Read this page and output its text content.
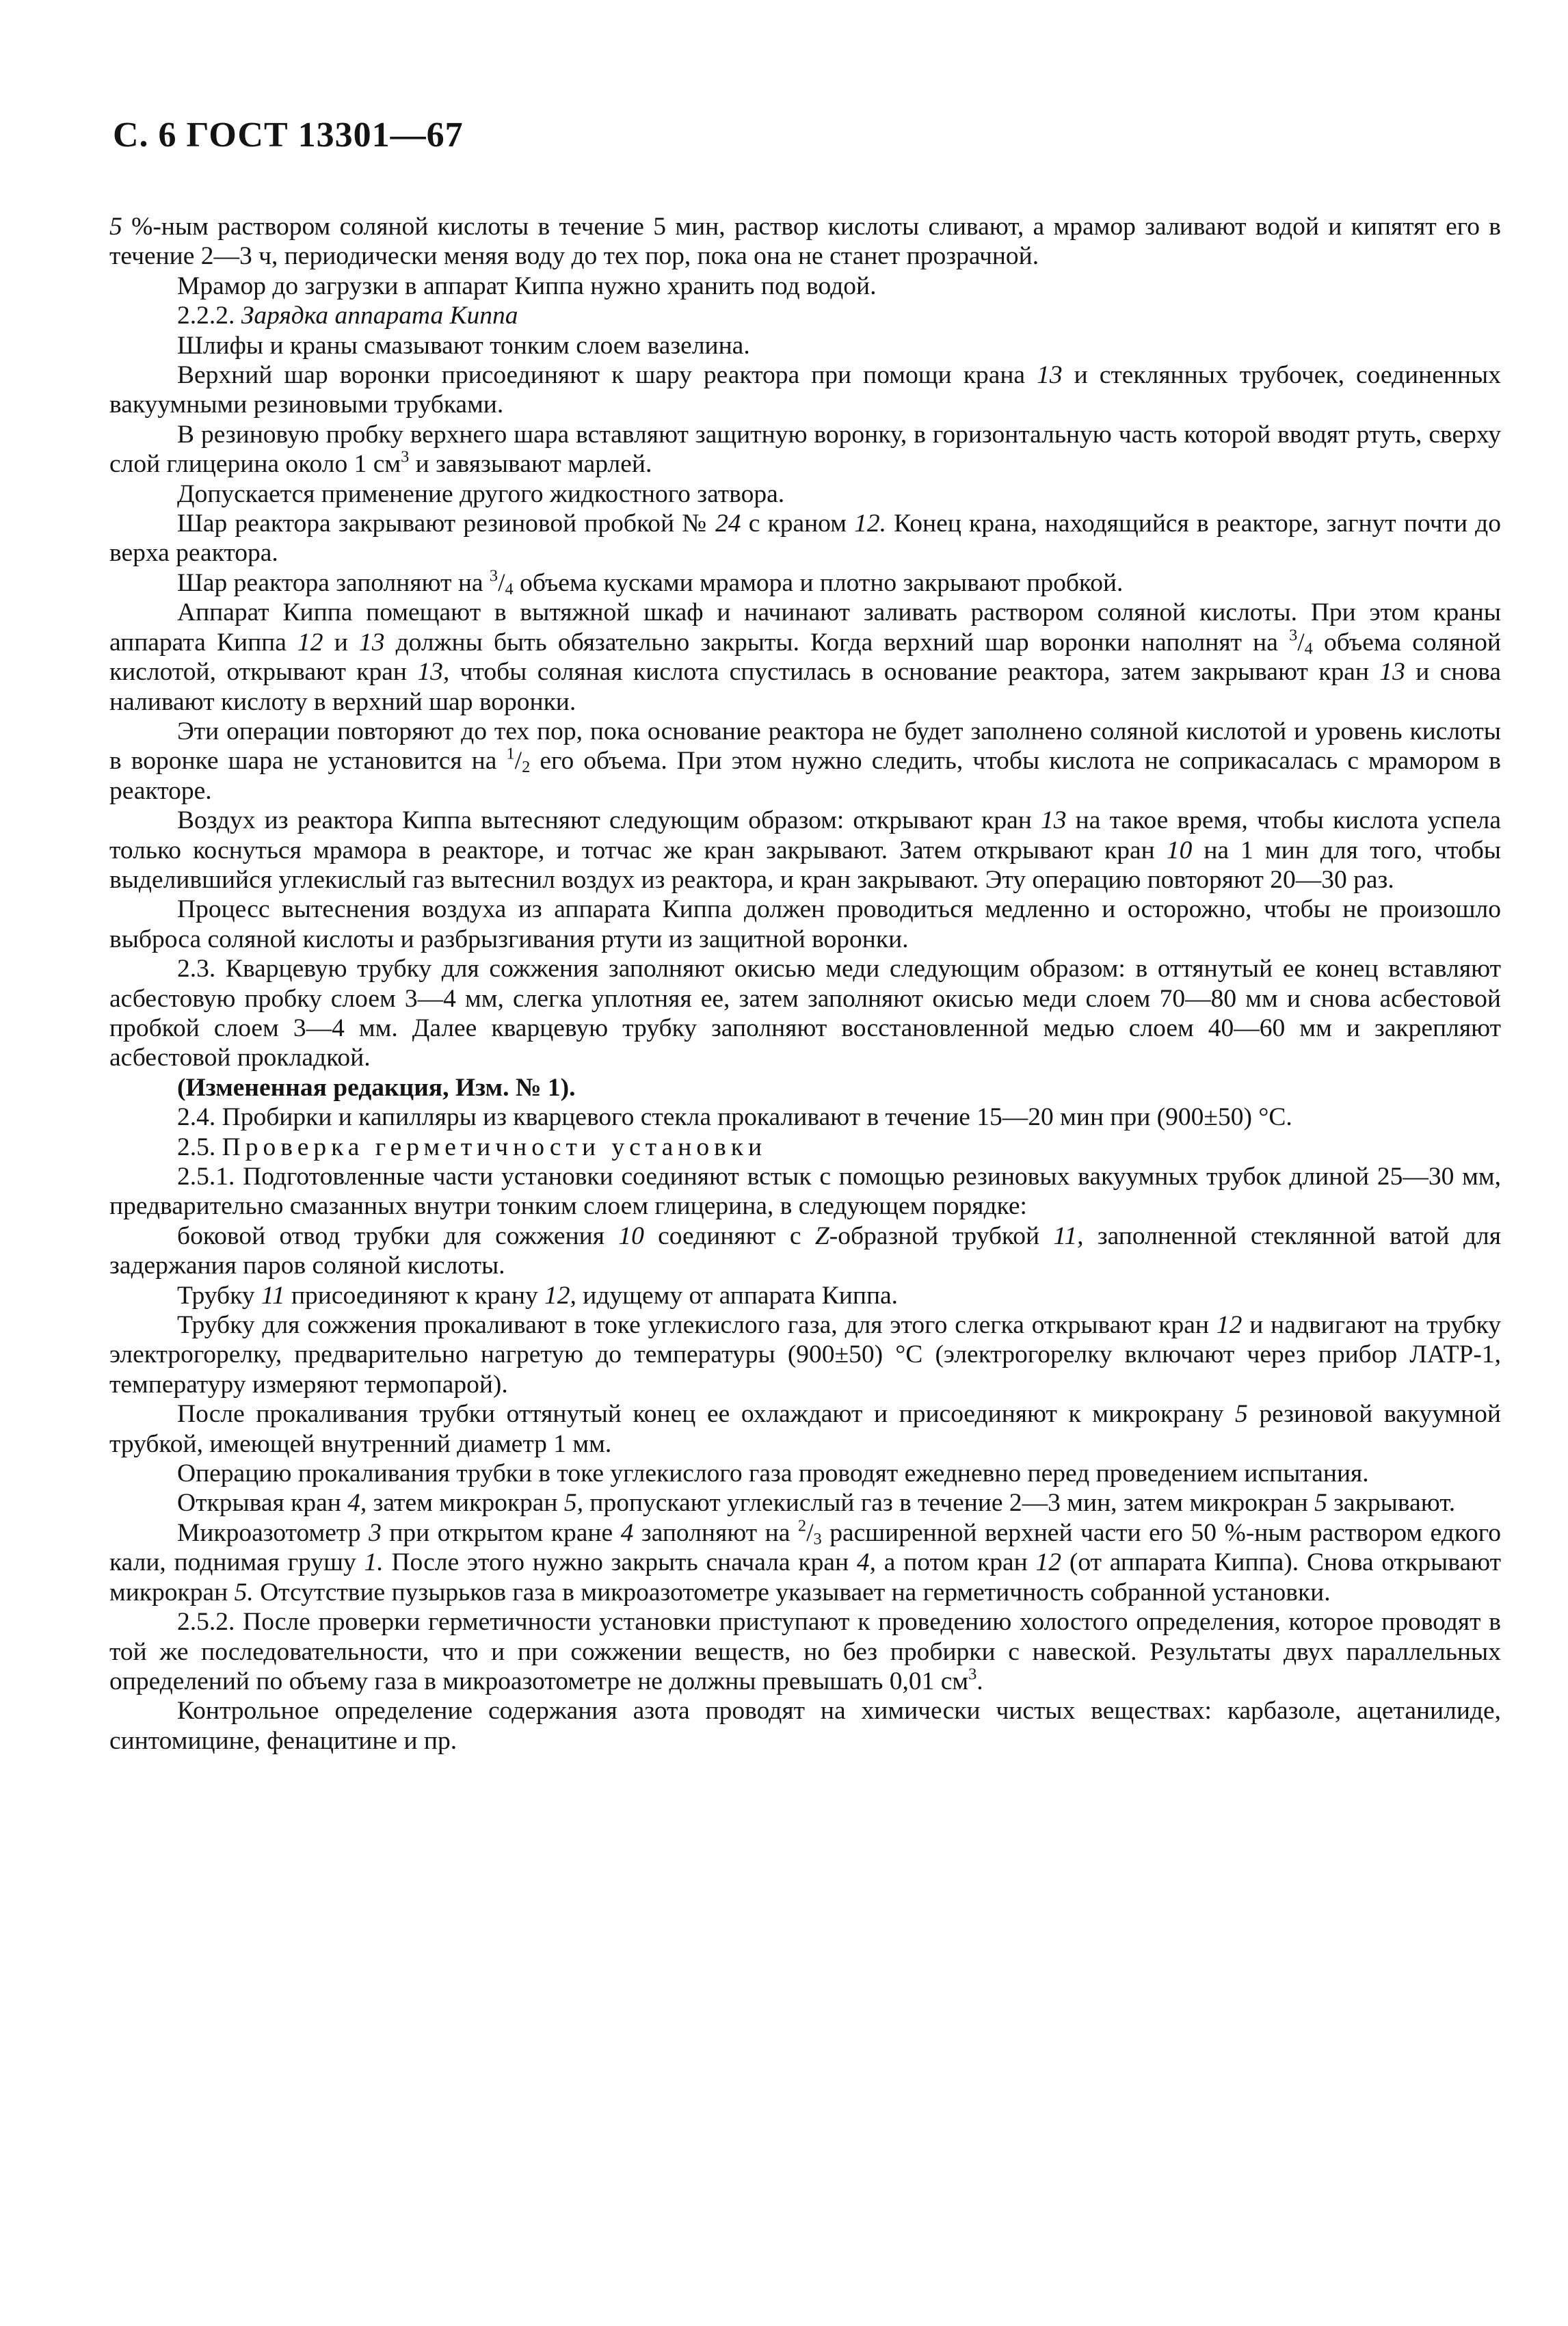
С. 6 ГОСТ 13301—67

5 %-ным раствором соляной кислоты в течение 5 мин, раствор кислоты сливают, а мрамор заливают водой и кипятят его в течение 2—3 ч, периодически меняя воду до тех пор, пока она не станет прозрачной.

Мрамор до загрузки в аппарат Киппа нужно хранить под водой.

2.2.2. Зарядка аппарата Киппа

Шлифы и краны смазывают тонким слоем вазелина.

Верхний шар воронки присоединяют к шару реактора при помощи крана 13 и стеклянных трубочек, соединенных вакуумными резиновыми трубками.

В резиновую пробку верхнего шара вставляют защитную воронку, в горизонтальную часть которой вводят ртуть, сверху слой глицерина около 1 $см^3$ и завязывают марлей.

Допускается применение другого жидкостного затвора.

Шар реактора закрывают резиновой пробкой № 24 с краном 12. Конец крана, находящийся в реакторе, загнут почти до верха реактора.

Шар реактора заполняют на $^3/_4$ объема кусками мрамора и плотно закрывают пробкой.

Аппарат Киппа помещают в вытяжной шкаф и начинают заливать раствором соляной кислоты. При этом краны аппарата Киппа 12 и 13 должны быть обязательно закрыты. Когда верхний шар воронки наполнят на $^3/_4$ объема соляной кислотой, открывают кран 13, чтобы соляная кислота спустилась в основание реактора, затем закрывают кран 13 и снова наливают кислоту в верхний шар воронки.

Эти операции повторяют до тех пор, пока основание реактора не будет заполнено соляной кислотой и уровень кислоты в воронке шара не установится на $^1/_2$ его объема. При этом нужно следить, чтобы кислота не соприкасалась с мрамором в реакторе.

Воздух из реактора Киппа вытесняют следующим образом: открывают кран 13 на такое время, чтобы кислота успела только коснуться мрамора в реакторе, и тотчас же кран закрывают. Затем открывают кран 10 на 1 мин для того, чтобы выделившийся углекислый газ вытеснил воздух из реактора, и кран закрывают. Эту операцию повторяют 20—30 раз.

Процесс вытеснения воздуха из аппарата Киппа должен проводиться медленно и осторожно, чтобы не произошло выброса соляной кислоты и разбрызгивания ртути из защитной воронки.

2.3. Кварцевую трубку для сожжения заполняют окисью меди следующим образом: в оттянутый ее конец вставляют асбестовую пробку слоем 3—4 мм, слегка уплотняя ее, затем заполняют окисью меди слоем 70—80 мм и снова асбестовой пробкой слоем 3—4 мм. Далее кварцевую трубку заполняют восстановленной медью слоем 40—60 мм и закрепляют асбестовой прокладкой.

(Измененная редакция, Изм. № 1).

2.4. Пробирки и капилляры из кварцевого стекла прокаливают в течение 15—20 мин при (900±50) °С.

2.5. Проверка герметичности установки

2.5.1. Подготовленные части установки соединяют встык с помощью резиновых вакуумных трубок длиной 25—30 мм, предварительно смазанных внутри тонким слоем глицерина, в следующем порядке:

боковой отвод трубки для сожжения 10 соединяют с Z-образной трубкой 11, заполненной стеклянной ватой для задержания паров соляной кислоты.

Трубку 11 присоединяют к крану 12, идущему от аппарата Киппа.

Трубку для сожжения прокаливают в токе углекислого газа, для этого слегка открывают кран 12 и надвигают на трубку электрогорелку, предварительно нагретую до температуры (900±50) °С (электрогорелку включают через прибор ЛАТР-1, температуру измеряют термопарой).

После прокаливания трубки оттянутый конец ее охлаждают и присоединяют к микрокрану 5 резиновой вакуумной трубкой, имеющей внутренний диаметр 1 мм.

Операцию прокаливания трубки в токе углекислого газа проводят ежедневно перед проведением испытания.

Открывая кран 4, затем микрокран 5, пропускают углекислый газ в течение 2—3 мин, затем микрокран 5 закрывают.

Микроазотометр 3 при открытом кране 4 заполняют на $^2/_3$ расширенной верхней части его 50 %-ным раствором едкого кали, поднимая грушу 1. После этого нужно закрыть сначала кран 4, а потом кран 12 (от аппарата Киппа). Снова открывают микрокран 5. Отсутствие пузырьков газа в микроазотометре указывает на герметичность собранной установки.

2.5.2. После проверки герметичности установки приступают к проведению холостого определения, которое проводят в той же последовательности, что и при сожжении веществ, но без пробирки с навеской. Результаты двух параллельных определений по объему газа в микроазотометре не должны превышать 0,01 $см^3$.

Контрольное определение содержания азота проводят на химически чистых веществах: карбазоле, ацетанилиде, синтомицине, фенацитине и пр.
